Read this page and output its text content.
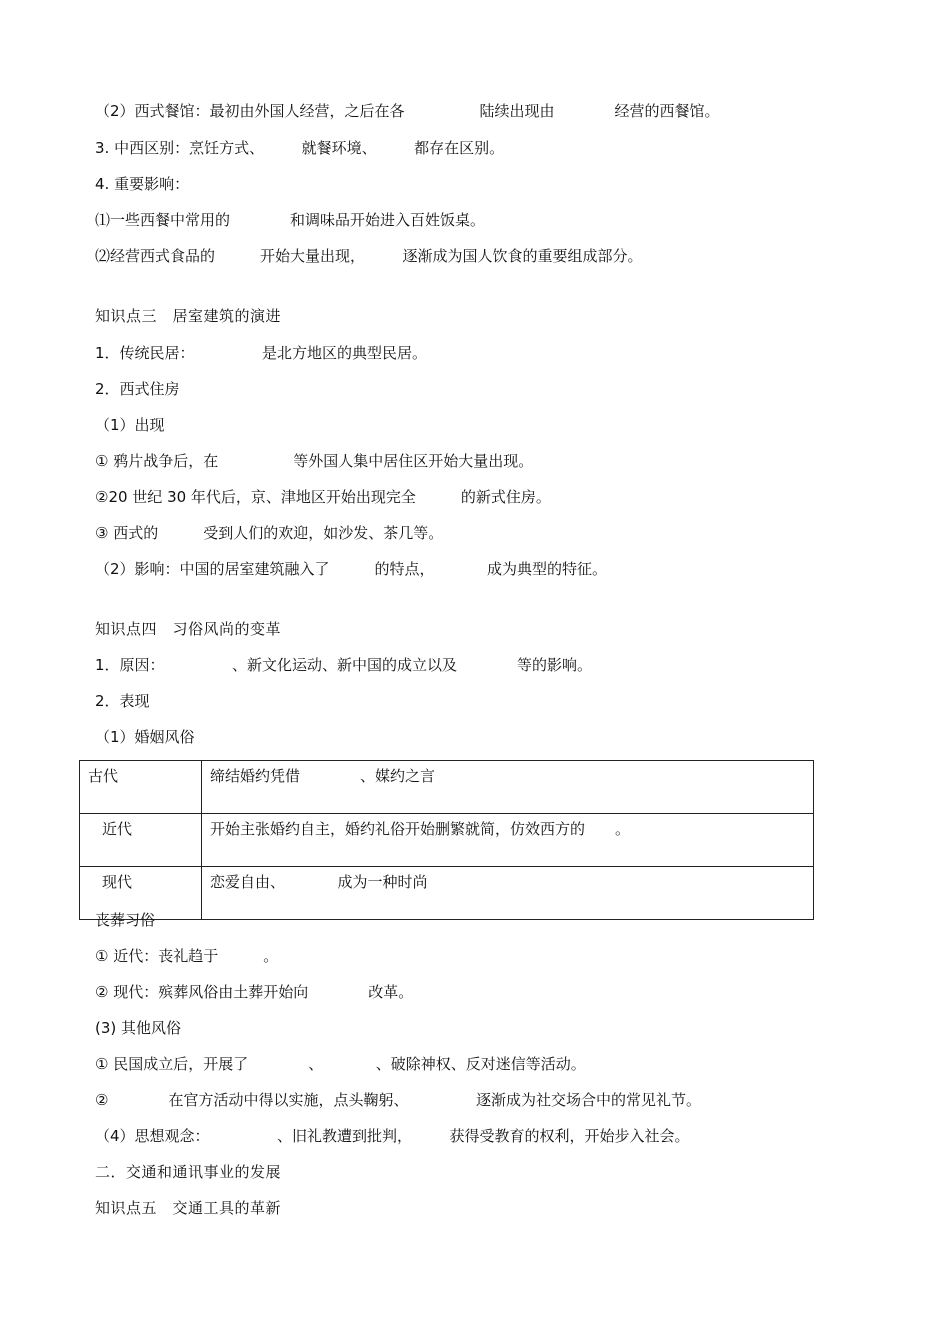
（2）西式餐馆：最初由外国人经营，之后在各　　　　　陆续出现由　　　　经营的西餐馆。
3. 中西区别：烹饪方式、　　　就餐环境、　　　都存在区别。
4. 重要影响：
⑴一些西餐中常用的　　　　和调味品开始进入百姓饭桌。
⑵经营西式食品的　　　开始大量出现，　　　逐渐成为国人饮食的重要组成部分。
知识点三　居室建筑的演进
1．传统民居：　　　　　是北方地区的典型民居。
2．西式住房
（1）出现
① 鸦片战争后，在　　　　　等外国人集中居住区开始大量出现。
②20 世纪 30 年代后，京、津地区开始出现完全　　　的新式住房。
③ 西式的　　　受到人们的欢迎，如沙发、茶几等。
（2）影响：中国的居室建筑融入了　　　的特点，　　　　成为典型的特征。
知识点四　习俗风尚的变革
1．原因：　　　　　、新文化运动、新中国的成立以及　　　　等的影响。
2．表现
（1）婚姻风俗
古代	缔结婚约凭借　　　　、媒约之言
近代	开始主张婚约自主，婚约礼俗开始删繁就简，仿效西方的　　。
现代	恋爱自由、　　　　成为一种时尚
丧葬习俗
① 近代：丧礼趋于　　　。
② 现代：殡葬风俗由土葬开始向　　　　改革。
(3) 其他风俗
① 民国成立后，开展了　　　　、　　　　、破除神权、反对迷信等活动。
②　　　　在官方活动中得以实施，点头鞠躬、　　　　　逐渐成为社交场合中的常见礼节。
（4）思想观念：　　　　　、旧礼教遭到批判，　　　获得受教育的权利，开始步入社会。
二．交通和通讯事业的发展
知识点五　交通工具的革新
